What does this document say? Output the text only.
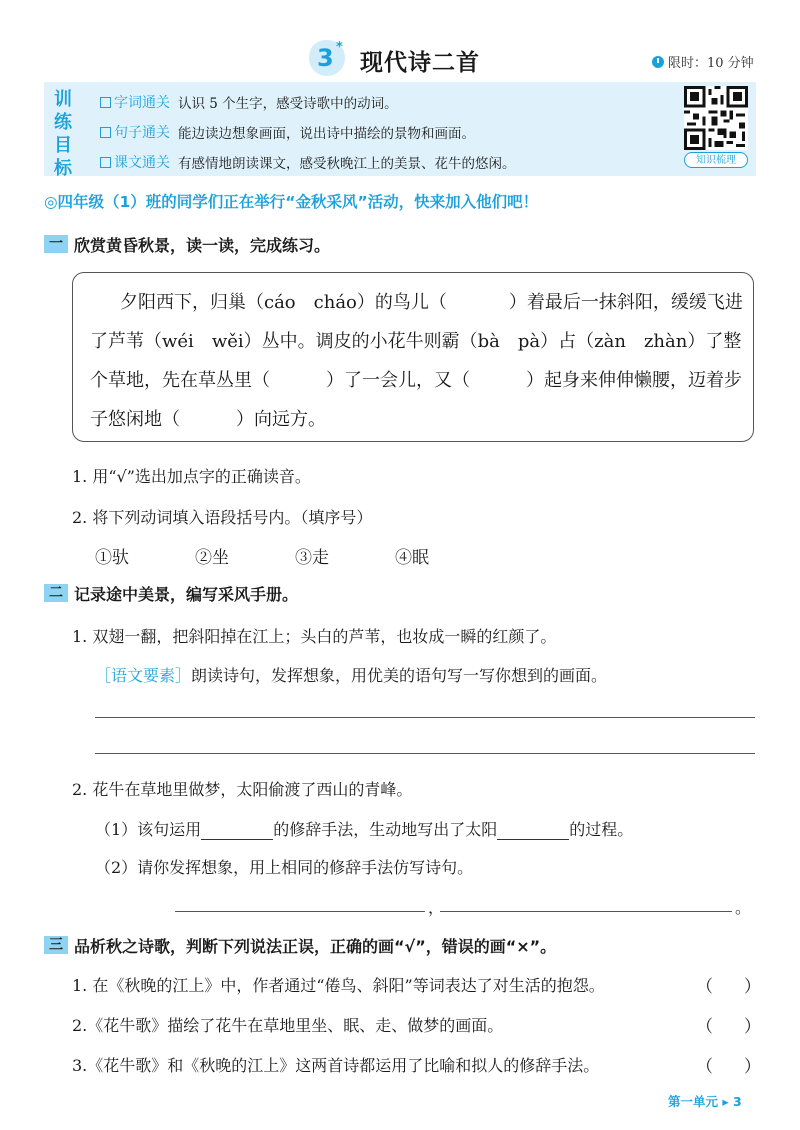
3 *
现代诗二首	限时：10 分钟
训
练
目
标
字词通关 认识 5 个生字，感受诗歌中的动词。
句子通关 能边读边想象画面，说出诗中描绘的景物和画面。
课文通关 有感情地朗读课文，感受秋晚江上的美景、花牛的悠闲。	知识梳理
◎四年级（1）班的同学们正在举行“金秋采风”活动，快来加入他们吧！
一 欣赏黄昏秋景，读一读，完成练习。
夕阳西下，归巢（cáo　cháo）的鸟儿（	）着最后一抹斜阳，缓缓飞进
了芦苇（wéi　wěi）丛中。调皮的小花牛则霸（bà　pà）占（zàn　zhàn）了整
个草地，先在草丛里（	）了一会儿，又（	）起身来伸伸懒腰，迈着步
子悠闲地（	）向远方。
1. 用“√”选出加点字的正确读音。
2. 将下列动词填入语段括号内。（填序号）
①驮	②坐	③走	④眠
二 记录途中美景，编写采风手册。
1. 双翅一翻，把斜阳掉在江上；头白的芦苇，也妆成一瞬的红颜了。
［语文要素］朗读诗句，发挥想象，用优美的语句写一写你想到的画面。
2. 花牛在草地里做梦，太阳偷渡了西山的青峰。
（1）该句运用	的修辞手法，生动地写出了太阳	的过程。
（2）请你发挥想象，用上相同的修辞手法仿写诗句。
，	。
三 品析秋之诗歌，判断下列说法正误，正确的画“√”，错误的画“×”。
1. 在《秋晚的江上》中，作者通过“倦鸟、斜阳”等词表达了对生活的抱怨。	（ ）
2.《花牛歌》描绘了花牛在草地里坐、眠、走、做梦的画面。	（ ）
3.《花牛歌》和《秋晚的江上》这两首诗都运用了比喻和拟人的修辞手法。	（ ）
第一单元 ▸ 3
